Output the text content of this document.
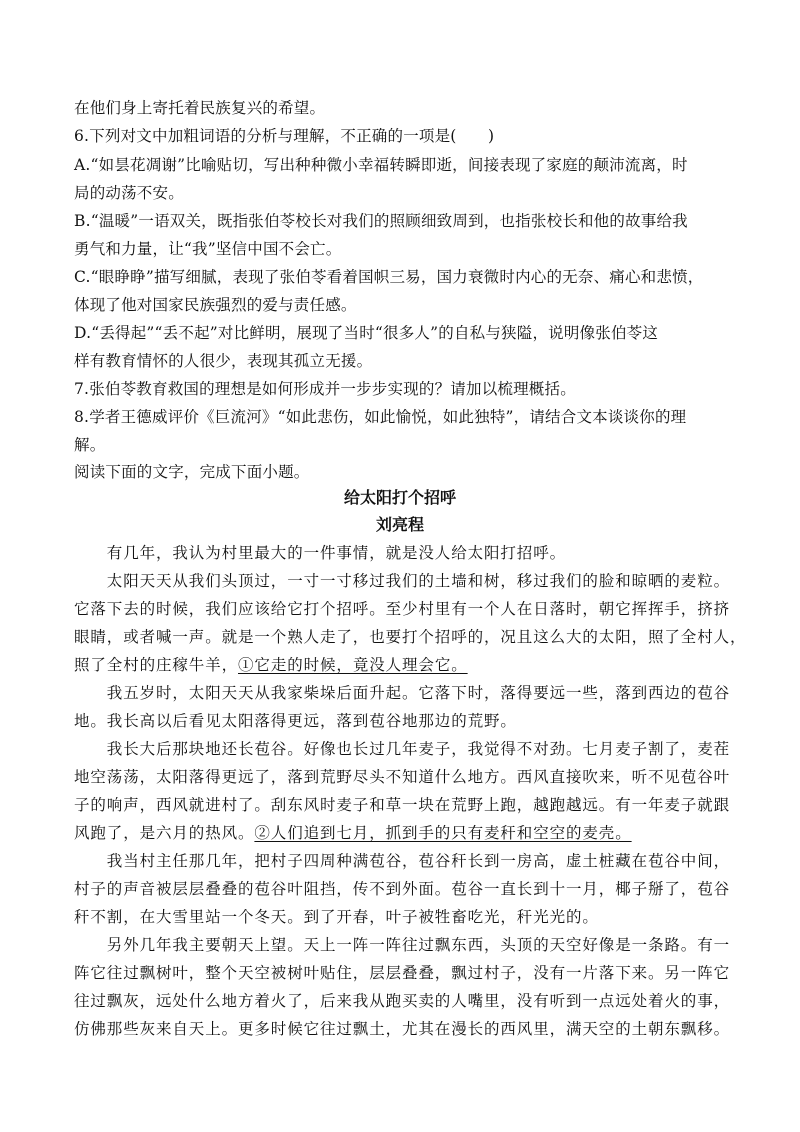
在他们身上寄托着民族复兴的希望。
6.下列对文中加粗词语的分析与理解，不正确的一项是(　　)
A.“如昙花凋谢”比喻贴切，写出种种微小幸福转瞬即逝，间接表现了家庭的颠沛流离，时
局的动荡不安。
B.“温暖”一语双关，既指张伯苓校长对我们的照顾细致周到，也指张校长和他的故事给我
勇气和力量，让“我”坚信中国不会亡。
C.“眼睁睁”描写细腻，表现了张伯苓看着国帜三易，国力衰微时内心的无奈、痛心和悲愤，
体现了他对国家民族强烈的爱与责任感。
D.“丢得起”“丢不起”对比鲜明，展现了当时“很多人”的自私与狭隘，说明像张伯苓这
样有教育情怀的人很少，表现其孤立无援。
7.张伯苓教育救国的理想是如何形成并一步步实现的？请加以梳理概括。
8.学者王德威评价《巨流河》“如此悲伤，如此愉悦，如此独特”，请结合文本谈谈你的理
解。
阅读下面的文字，完成下面小题。
给太阳打个招呼
刘亮程
　　有几年，我认为村里最大的一件事情，就是没人给太阳打招呼。
　　太阳天天从我们头顶过，一寸一寸移过我们的土墙和树，移过我们的脸和晾晒的麦粒。
它落下去的时候，我们应该给它打个招呼。至少村里有一个人在日落时，朝它挥挥手，挤挤
眼睛，或者喊一声。就是一个熟人走了，也要打个招呼的，况且这么大的太阳，照了全村人，
照了全村的庄稼牛羊，①它走的时候，竟没人理会它。
　　我五岁时，太阳天天从我家柴垛后面升起。它落下时，落得要远一些，落到西边的苞谷
地。我长高以后看见太阳落得更远，落到苞谷地那边的荒野。
　　我长大后那块地还长苞谷。好像也长过几年麦子，我觉得不对劲。七月麦子割了，麦茬
地空荡荡，太阳落得更远了，落到荒野尽头不知道什么地方。西风直接吹来，听不见苞谷叶
子的响声，西风就进村了。刮东风时麦子和草一块在荒野上跑，越跑越远。有一年麦子就跟
风跑了，是六月的热风。②人们追到七月，抓到手的只有麦秆和空空的麦壳。
　　我当村主任那几年，把村子四周种满苞谷，苞谷秆长到一房高，虚土桩藏在苞谷中间，
村子的声音被层层叠叠的苞谷叶阻挡，传不到外面。苞谷一直长到十一月，椰子掰了，苞谷
秆不割，在大雪里站一个冬天。到了开春，叶子被牲畜吃光，秆光光的。
　　另外几年我主要朝天上望。天上一阵一阵往过飘东西，头顶的天空好像是一条路。有一
阵它往过飘树叶，整个天空被树叶贴住，层层叠叠，飘过村子，没有一片落下来。另一阵它
往过飘灰，远处什么地方着火了，后来我从跑买卖的人嘴里，没有听到一点远处着火的事，
仿佛那些灰来自天上。更多时候它往过飘土，尤其在漫长的西风里，满天空的土朝东飘移。
